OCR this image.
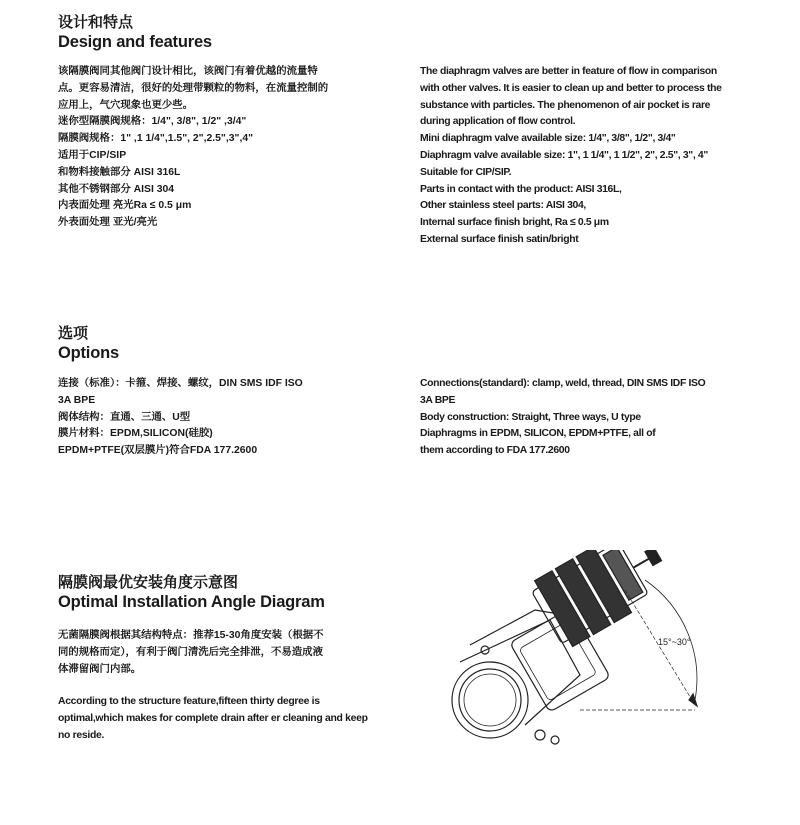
设计和特点
Design and features

该隔膜阀同其他阀门设计相比，该阀门有着优越的流量特

点。更容易清洁，很好的处理带颗粒的物料，在流量控制的

应用上，气穴现象也更少些。

迷你型隔膜阀规格：1/4", 3/8", 1/2" ,3/4"

隔膜阀规格：1" ,1 1/4",1.5", 2",2.5",3",4"

适用于CIP/SIP

和物料接触部分 AISI 316L

其他不锈钢部分 AISI 304

内表面处理 亮光Ra ≤ 0.5 μm

外表面处理 亚光/亮光

The diaphragm valves are better in feature of flow in comparison

with other valves. It is easier to clean up and better to process the

substance with particles. The phenomenon of air pocket is rare

during application of flow control.

Mini diaphragm valve available size: 1/4", 3/8", 1/2", 3/4"

Diaphragm valve available size: 1", 1 1/4", 1 1/2", 2", 2.5", 3", 4"

Suitable for CIP/SIP.

Parts in contact with the product: AISI 316L,

Other stainless steel parts: AISI 304,

Internal surface finish bright, Ra ≤ 0.5 μm

External surface finish satin/bright

选项
Options

连接（标准）：卡箍、焊接、螺纹，DIN SMS IDF ISO

3A BPE

阀体结构：直通、三通、U型

膜片材料：EPDM,SILICON(硅胶)

EPDM+PTFE(双层膜片)符合FDA 177.2600

Connections(standard): clamp, weld, thread, DIN SMS IDF ISO

3A BPE

Body construction: Straight, Three ways, U type

Diaphragms in EPDM, SILICON, EPDM+PTFE, all of

them according to FDA 177.2600

隔膜阀最优安装角度示意图
Optimal Installation Angle Diagram

无菌隔膜阀根据其结构特点：推荐15-30角度安装（根据不

同的规格而定），有利于阀门清洗后完全排泄，不易造成液

体滞留阀门内部。

According to the structure feature,fifteen thirty degree is

optimal,which makes for complete drain after er cleaning and keep

no reside.

15°~30°
